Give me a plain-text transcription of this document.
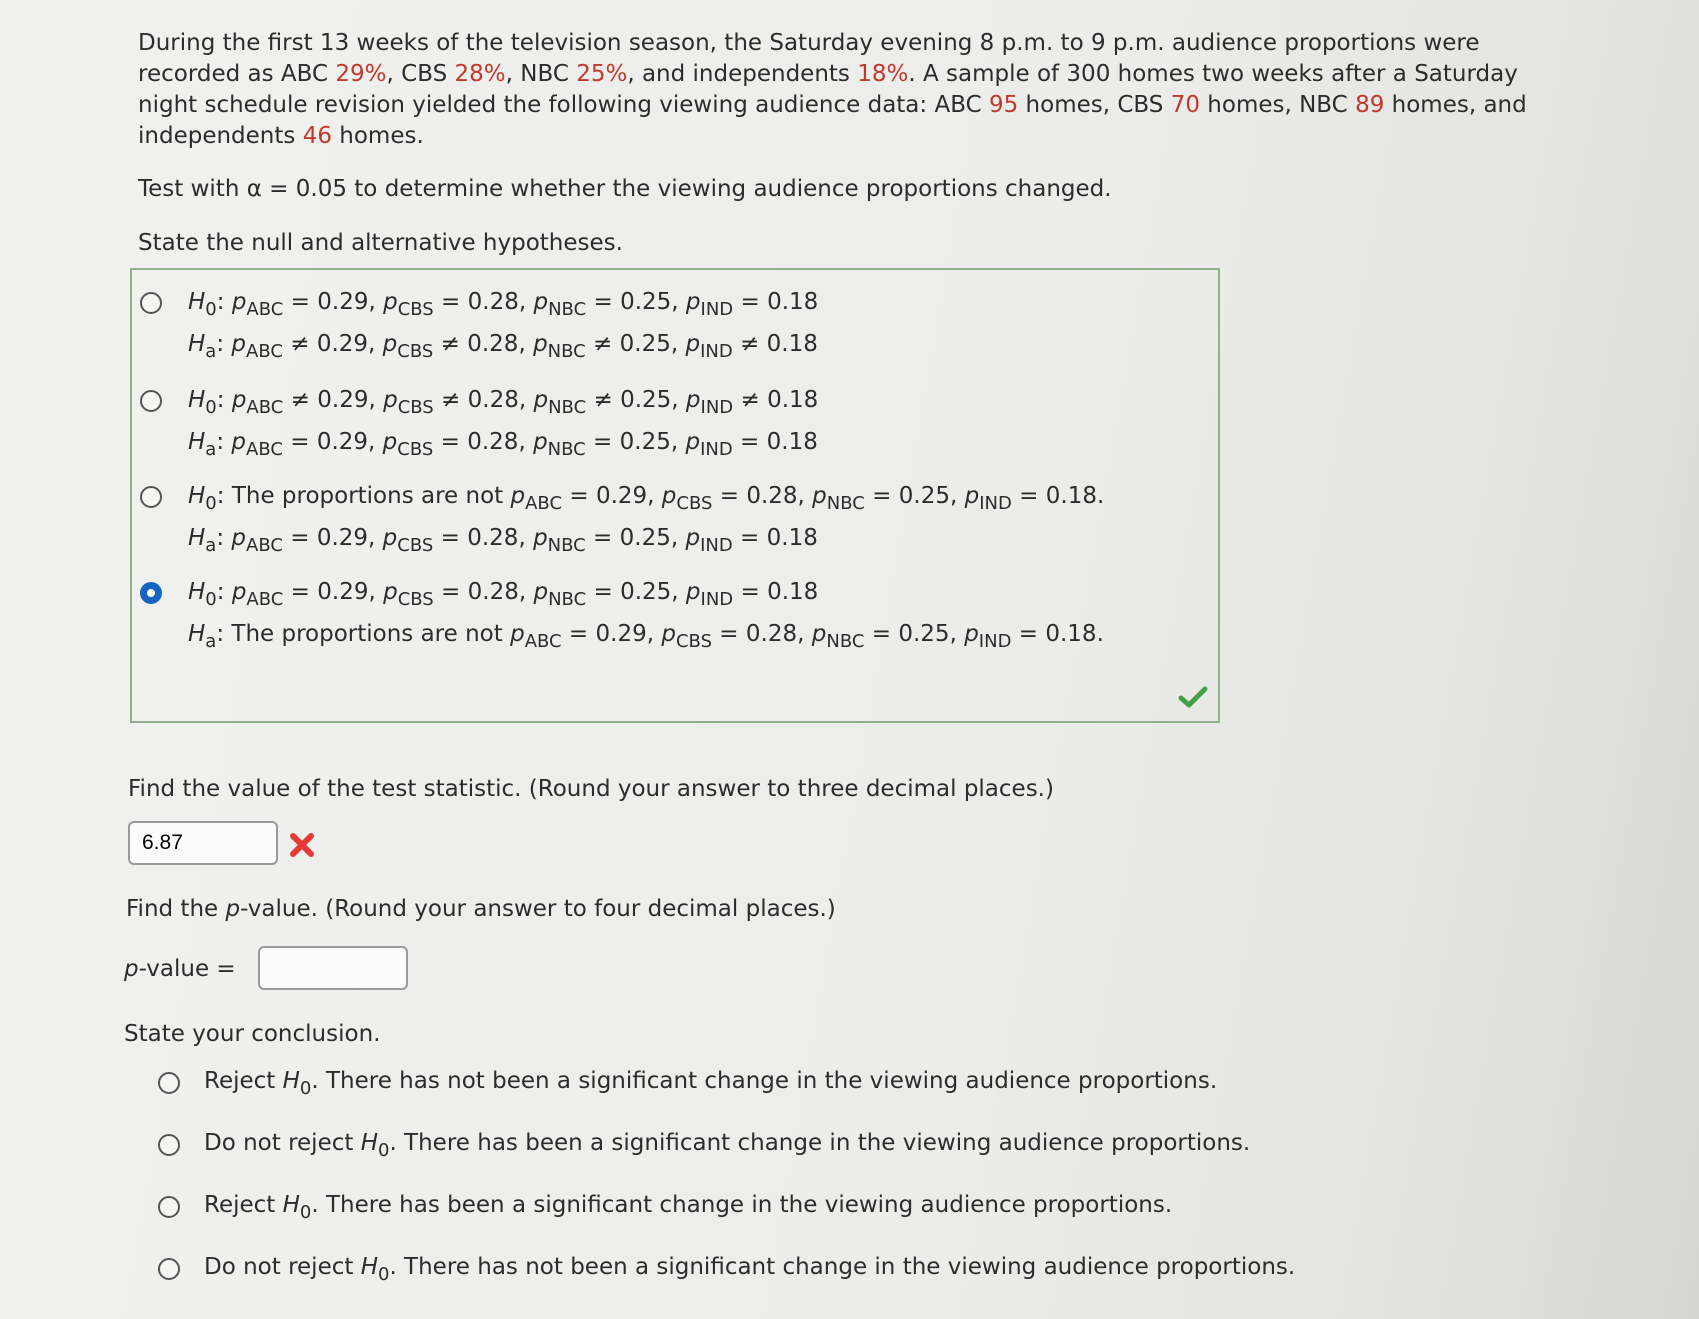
During the first 13 weeks of the television season, the Saturday evening 8 p.m. to 9 p.m. audience proportions were

recorded as ABC 29%, CBS 28%, NBC 25%, and independents 18%. A sample of 300 homes two weeks after a Saturday

night schedule revision yielded the following viewing audience data: ABC 95 homes, CBS 70 homes, NBC 89 homes, and

independents 46 homes.

Test with α = 0.05 to determine whether the viewing audience proportions changed.

State the null and alternative hypotheses.

$H_0$: $p_{ABC} = 0.29$, $p_{CBS} = 0.28$, $p_{NBC} = 0.25$, $p_{IND} = 0.18$
$H_a$: $p_{ABC} \ne 0.29$, $p_{CBS} \ne 0.28$, $p_{NBC} \ne 0.25$, $p_{IND} \ne 0.18$
$H_0$: $p_{ABC} \ne 0.29$, $p_{CBS} \ne 0.28$, $p_{NBC} \ne 0.25$, $p_{IND} \ne 0.18$
$H_a$: $p_{ABC} = 0.29$, $p_{CBS} = 0.28$, $p_{NBC} = 0.25$, $p_{IND} = 0.18$
$H_0$: The proportions are not $p_{ABC} = 0.29$, $p_{CBS} = 0.28$, $p_{NBC} = 0.25$, $p_{IND} = 0.18$.
$H_a$: $p_{ABC} = 0.29$, $p_{CBS} = 0.28$, $p_{NBC} = 0.25$, $p_{IND} = 0.18$
$H_0$: $p_{ABC} = 0.29$, $p_{CBS} = 0.28$, $p_{NBC} = 0.25$, $p_{IND} = 0.18$
$H_a$: The proportions are not $p_{ABC} = 0.29$, $p_{CBS} = 0.28$, $p_{NBC} = 0.25$, $p_{IND} = 0.18$.
Find the value of the test statistic. (Round your answer to three decimal places.)
6.87
Find the p-value. (Round your answer to four decimal places.)
p-value =
State your conclusion.
Reject $H_0$. There has not been a significant change in the viewing audience proportions.
Do not reject $H_0$. There has been a significant change in the viewing audience proportions.
Reject $H_0$. There has been a significant change in the viewing audience proportions.
Do not reject $H_0$. There has not been a significant change in the viewing audience proportions.
